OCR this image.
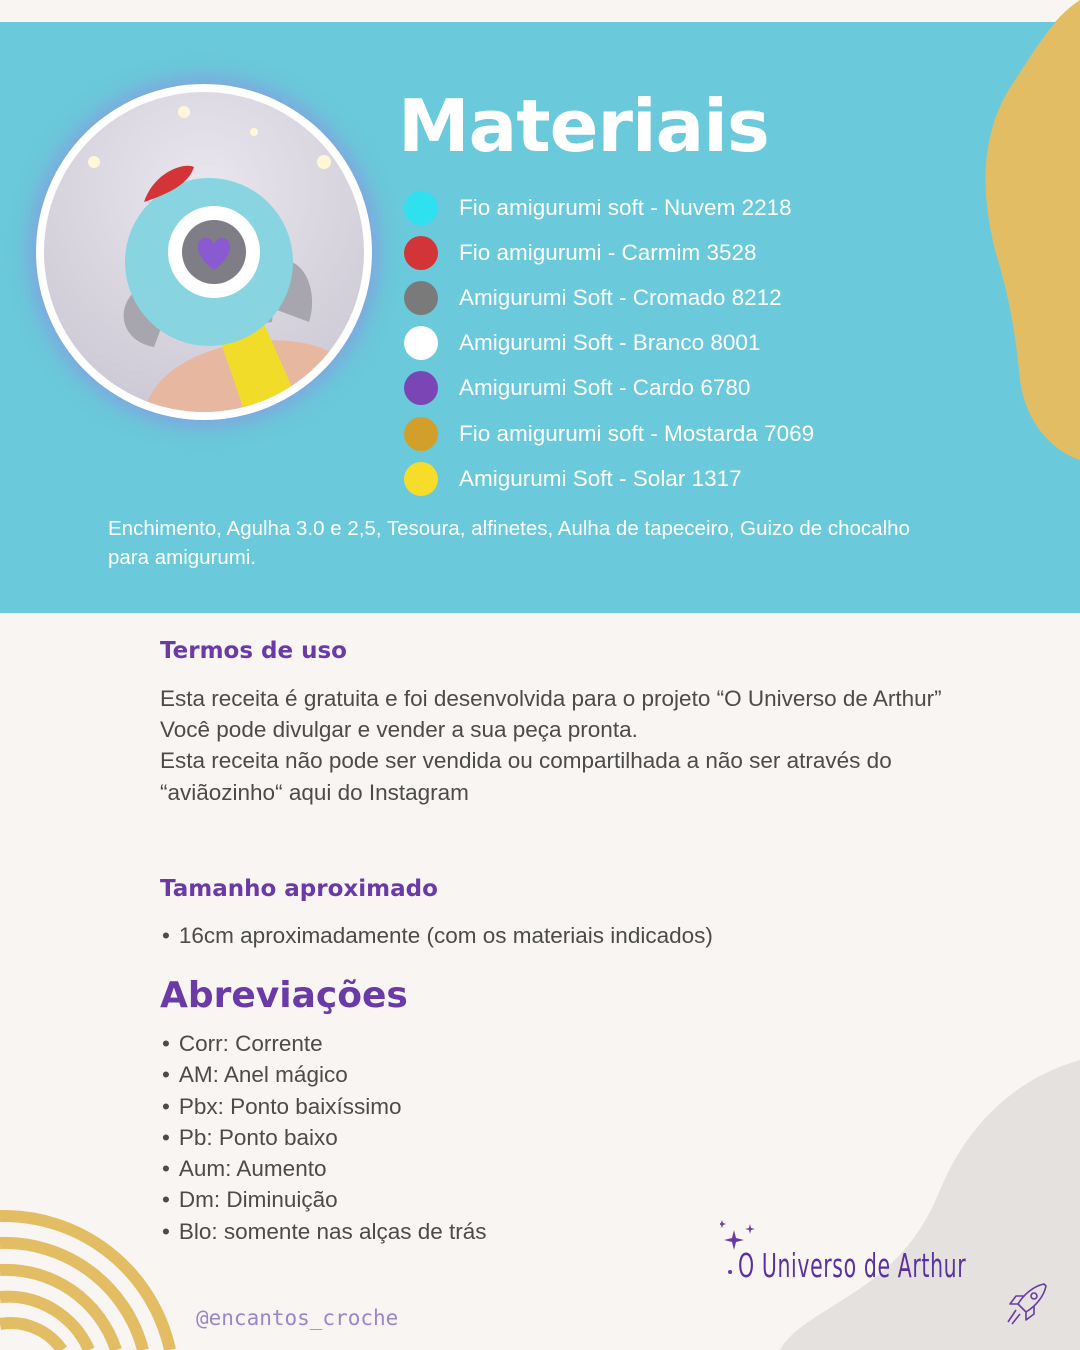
Materiais
Fio amigurumi soft - Nuvem 2218
Fio amigurumi - Carmim 3528
Amigurumi Soft - Cromado 8212
Amigurumi Soft - Branco 8001
Amigurumi Soft - Cardo 6780
Fio amigurumi soft - Mostarda 7069
Amigurumi Soft - Solar 1317

Enchimento, Agulha 3.0 e 2,5, Tesoura, alfinetes, Aulha de tapeceiro, Guizo de chocalho para amigurumi.

Termos de uso

Esta receita é gratuita e foi desenvolvida para o projeto “O Universo de Arthur”

Você pode divulgar e vender a sua peça pronta.

Esta receita não pode ser vendida ou compartilhada a não ser através do “aviãozinho“ aqui do Instagram

Tamanho aproximado
• 16cm aproximadamente (com os materiais indicados)
Abreviações
• Corr: Corrente
• AM: Anel mágico
• Pbx: Ponto baixíssimo
• Pb: Ponto baixo
• Aum: Aumento
• Dm: Diminuição
• Blo: somente nas alças de trás

@encantos_croche

O Universo de Arthur
